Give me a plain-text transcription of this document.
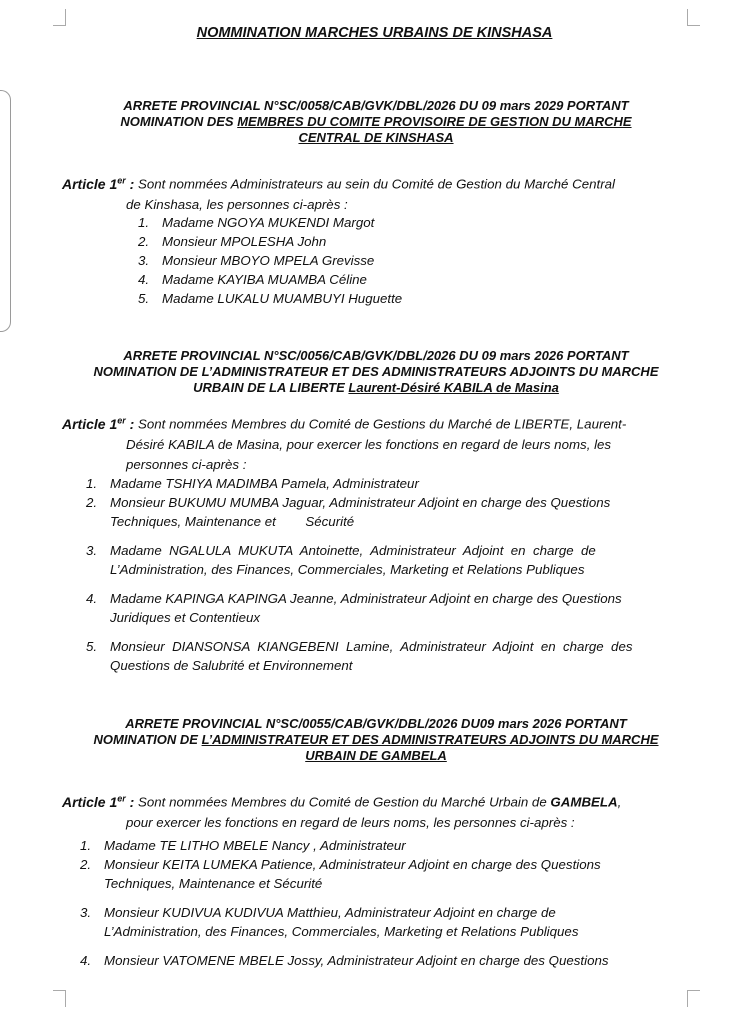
NOMMINATION MARCHES URBAINS DE KINSHASA
ARRETE PROVINCIAL N°SC/0058/CAB/GVK/DBL/2026 DU 09 mars 2029 PORTANT
NOMINATION DES MEMBRES DU COMITE PROVISOIRE DE GESTION DU MARCHE
CENTRAL DE KINSHASA
Article 1er : Sont nommées Administrateurs au sein du Comité de Gestion du Marché Central
de Kinshasa, les personnes ci-après :
1. Madame NGOYA MUKENDI Margot
2. Monsieur MPOLESHA John
3. Monsieur MBOYO MPELA Grevisse
4. Madame KAYIBA MUAMBA Céline
5. Madame LUKALU MUAMBUYI Huguette
ARRETE PROVINCIAL N°SC/0056/CAB/GVK/DBL/2026 DU 09 mars 2026 PORTANT
NOMINATION DE L’ADMINISTRATEUR ET DES ADMINISTRATEURS ADJOINTS DU MARCHE
URBAIN DE LA LIBERTE Laurent-Désiré KABILA de Masina
Article 1er : Sont nommées Membres du Comité de Gestions du Marché de LIBERTE, Laurent-
Désiré KABILA de Masina, pour exercer les fonctions en regard de leurs noms, les
personnes ci-après :
1. Madame TSHIYA MADIMBA Pamela, Administrateur
2. Monsieur BUKUMU MUMBA Jaguar, Administrateur Adjoint en charge des Questions
Techniques, Maintenance et        Sécurité
3. Madame  NGALULA  MUKUTA  Antoinette,  Administrateur  Adjoint  en  charge  de
L’Administration, des Finances, Commerciales, Marketing et Relations Publiques
4. Madame KAPINGA KAPINGA Jeanne, Administrateur Adjoint en charge des Questions
Juridiques et Contentieux
5. Monsieur  DIANSONSA  KIANGEBENI  Lamine,  Administrateur  Adjoint  en  charge  des
Questions de Salubrité et Environnement
ARRETE PROVINCIAL N°SC/0055/CAB/GVK/DBL/2026 DU09 mars 2026 PORTANT
NOMINATION DE L’ADMINISTRATEUR ET DES ADMINISTRATEURS ADJOINTS DU MARCHE
URBAIN DE GAMBELA
Article 1er : Sont nommées Membres du Comité de Gestion du Marché Urbain de GAMBELA,
pour exercer les fonctions en regard de leurs noms, les personnes ci-après :
1. Madame TE LITHO MBELE Nancy , Administrateur
2. Monsieur KEITA LUMEKA Patience, Administrateur Adjoint en charge des Questions
Techniques, Maintenance et Sécurité
3. Monsieur KUDIVUA KUDIVUA Matthieu, Administrateur Adjoint en charge de
L’Administration, des Finances, Commerciales, Marketing et Relations Publiques
4. Monsieur VATOMENE MBELE Jossy, Administrateur Adjoint en charge des Questions
